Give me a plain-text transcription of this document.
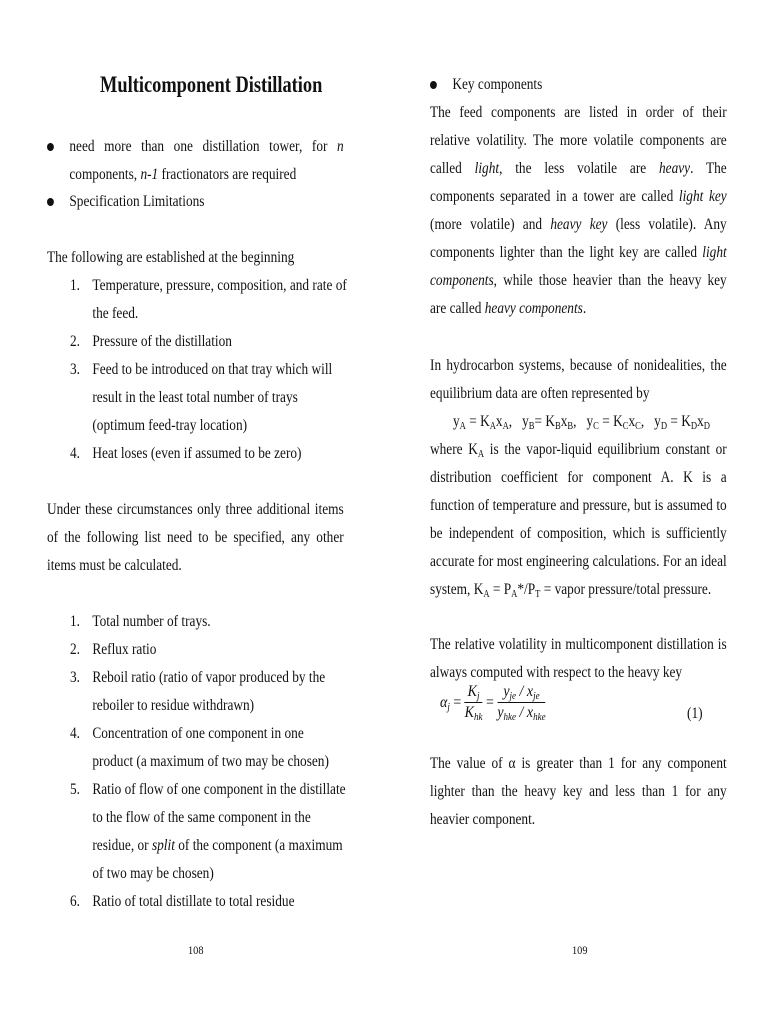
Multicomponent Distillation
need more than one distillation tower, for n components, n-1 fractionators are required
Specification Limitations
The following are established at the beginning
1. Temperature, pressure, composition, and rate of the feed.
2. Pressure of the distillation
3. Feed to be introduced on that tray which will result in the least total number of trays (optimum feed-tray location)
4. Heat loses (even if assumed to be zero)
Under these circumstances only three additional items of the following list need to be specified, any other items must be calculated.
1. Total number of trays.
2. Reflux ratio
3. Reboil ratio (ratio of vapor produced by the reboiler to residue withdrawn)
4. Concentration of one component in one product (a maximum of two may be chosen)
5. Ratio of flow of one component in the distillate to the flow of the same component in the residue, or split of the component (a maximum of two may be chosen)
6. Ratio of total distillate to total residue
108
Key components
The feed components are listed in order of their relative volatility. The more volatile components are called light, the less volatile are heavy. The components separated in a tower are called light key (more volatile) and heavy key (less volatile). Any components lighter than the light key are called light components, while those heavier than the heavy key are called heavy components.
In hydrocarbon systems, because of nonidealities, the equilibrium data are often represented by
$y_A = K_Ax_A$,   $y_B= K_Bx_B$,   $y_C = K_Cx_C$,   $y_D = K_Dx_D$
where $K_A$ is the vapor-liquid equilibrium constant or distribution coefficient for component A. K is a function of temperature and pressure, but is assumed to be independent of composition, which is sufficiently accurate for most engineering calculations. For an ideal system, $K_A = P_A*/P_T$ = vapor pressure/total pressure.
The relative volatility in multicomponent distillation is always computed with respect to the heavy key
$\alpha_j = \frac{K_j}{K_{hk}} = \frac{y_{je} / x_{je}}{y_{hke} / x_{hke}}$	(1)
The value of α is greater than 1 for any component lighter than the heavy key and less than 1 for any heavier component.
109
